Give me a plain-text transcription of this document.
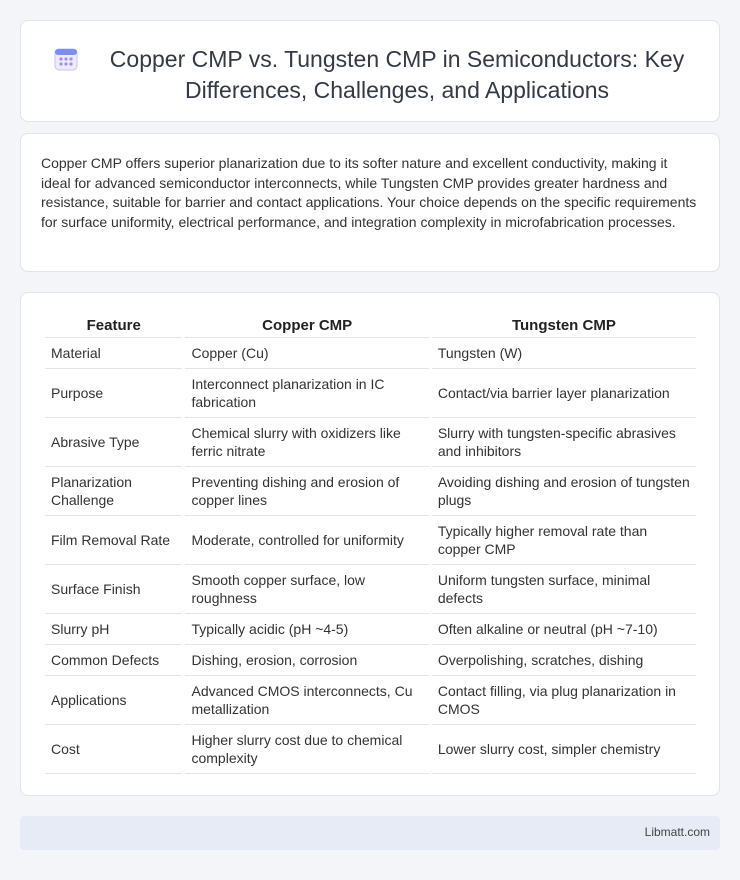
Copper CMP vs. Tungsten CMP in Semiconductors: Key Differences, Challenges, and Applications

Copper CMP offers superior planarization due to its softer nature and excellent conductivity, making it ideal for advanced semiconductor interconnects, while Tungsten CMP provides greater hardness and resistance, suitable for barrier and contact applications. Your choice depends on the specific requirements for surface uniformity, electrical performance, and integration complexity in microfabrication processes.

Feature	Copper CMP	Tungsten CMP
Material	Copper (Cu)	Tungsten (W)
Purpose	Interconnect planarization in IC fabrication	Contact/via barrier layer planarization
Abrasive Type	Chemical slurry with oxidizers like ferric nitrate	Slurry with tungsten-specific abrasives and inhibitors
Planarization Challenge	Preventing dishing and erosion of copper lines	Avoiding dishing and erosion of tungsten plugs
Film Removal Rate	Moderate, controlled for uniformity	Typically higher removal rate than copper CMP
Surface Finish	Smooth copper surface, low roughness	Uniform tungsten surface, minimal defects
Slurry pH	Typically acidic (pH ~4-5)	Often alkaline or neutral (pH ~7-10)
Common Defects	Dishing, erosion, corrosion	Overpolishing, scratches, dishing
Applications	Advanced CMOS interconnects, Cu metallization	Contact filling, via plug planarization in CMOS
Cost	Higher slurry cost due to chemical complexity	Lower slurry cost, simpler chemistry
Libmatt.com
